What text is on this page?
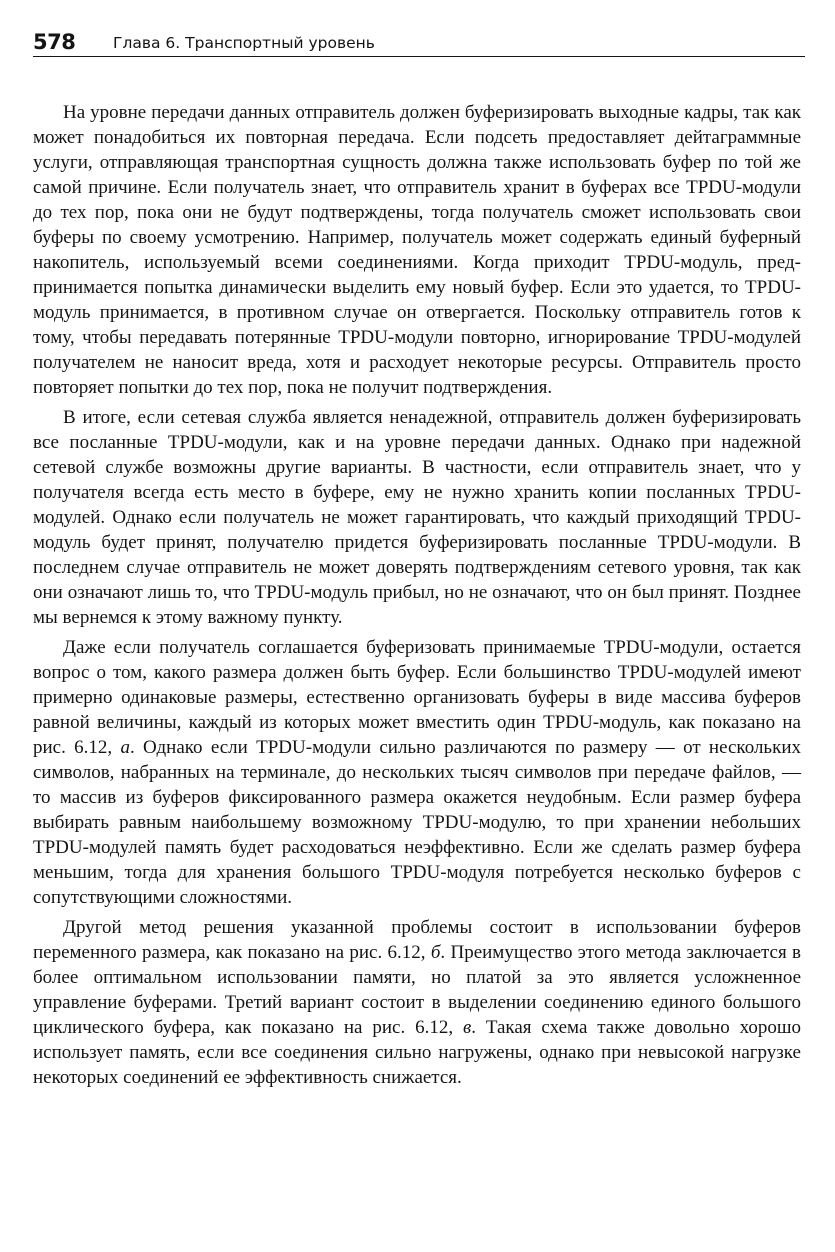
578 Глава 6. Транспортный уровень

На уровне передачи данных отправитель должен буферизировать выходные кадры, так как может понадобиться их повторная передача. Если подсеть предоставляет дейтаграммные услуги, отправляющая транспортная сущность должна также использовать буфер по той же самой причине. Если получатель знает, что отправитель хранит в буферах все TPDU-модули до тех пор, пока они не будут подтверждены, тогда получатель сможет использовать свои буферы по своему усмотрению. Например, получатель может содержать единый буферный накопитель, используемый всеми соединениями. Когда приходит TPDU-модуль, предпринимается попытка динамически выделить ему новый буфер. Если это удается, то TPDU-модуль принимается, в противном случае он отвергается. Поскольку отправитель готов к тому, чтобы передавать потерянные TPDU-модули повторно, игнорирование TPDU-модулей получателем не наносит вреда, хотя и расходует некоторые ресурсы. Отправитель просто повторяет попытки до тех пор, пока не получит подтверждения.

В итоге, если сетевая служба является ненадежной, отправитель должен буферизировать все посланные TPDU-модули, как и на уровне передачи данных. Однако при надежной сетевой службе возможны другие варианты. В частности, если отправитель знает, что у получателя всегда есть место в буфере, ему не нужно хранить копии посланных TPDU-модулей. Однако если получатель не может гарантировать, что каждый приходящий TPDU-модуль будет принят, получателю придется буферизировать посланные TPDU-модули. В последнем случае отправитель не может доверять подтверждениям сетевого уровня, так как они означают лишь то, что TPDU-модуль прибыл, но не означают, что он был принят. Позднее мы вернемся к этому важному пункту.

Даже если получатель соглашается буферизовать принимаемые TPDU-модули, остается вопрос о том, какого размера должен быть буфер. Если большинство TPDU-модулей имеют примерно одинаковые размеры, естественно организовать буферы в виде массива буферов равной величины, каждый из которых может вместить один TPDU-модуль, как показано на рис. 6.12, а. Однако если TPDU-модули сильно различаются по размеру — от нескольких символов, набранных на терминале, до нескольких тысяч символов при передаче файлов, — то массив из буферов фиксированного размера окажется неудобным. Если размер буфера выбирать равным наибольшему возможному TPDU-модулю, то при хранении небольших TPDU-модулей память будет расходоваться неэффективно. Если же сделать размер буфера меньшим, тогда для хранения большого TPDU-модуля потребуется несколько буферов с сопутствующими сложностями.

Другой метод решения указанной проблемы состоит в использовании буферов переменного размера, как показано на рис. 6.12, б. Преимущество этого метода заключается в более оптимальном использовании памяти, но платой за это является усложненное управление буферами. Третий вариант состоит в выделении соединению единого большого циклического буфера, как показано на рис. 6.12, в. Такая схема также довольно хорошо использует память, если все соединения сильно нагружены, однако при невысокой нагрузке некоторых соединений ее эффективность снижается.
